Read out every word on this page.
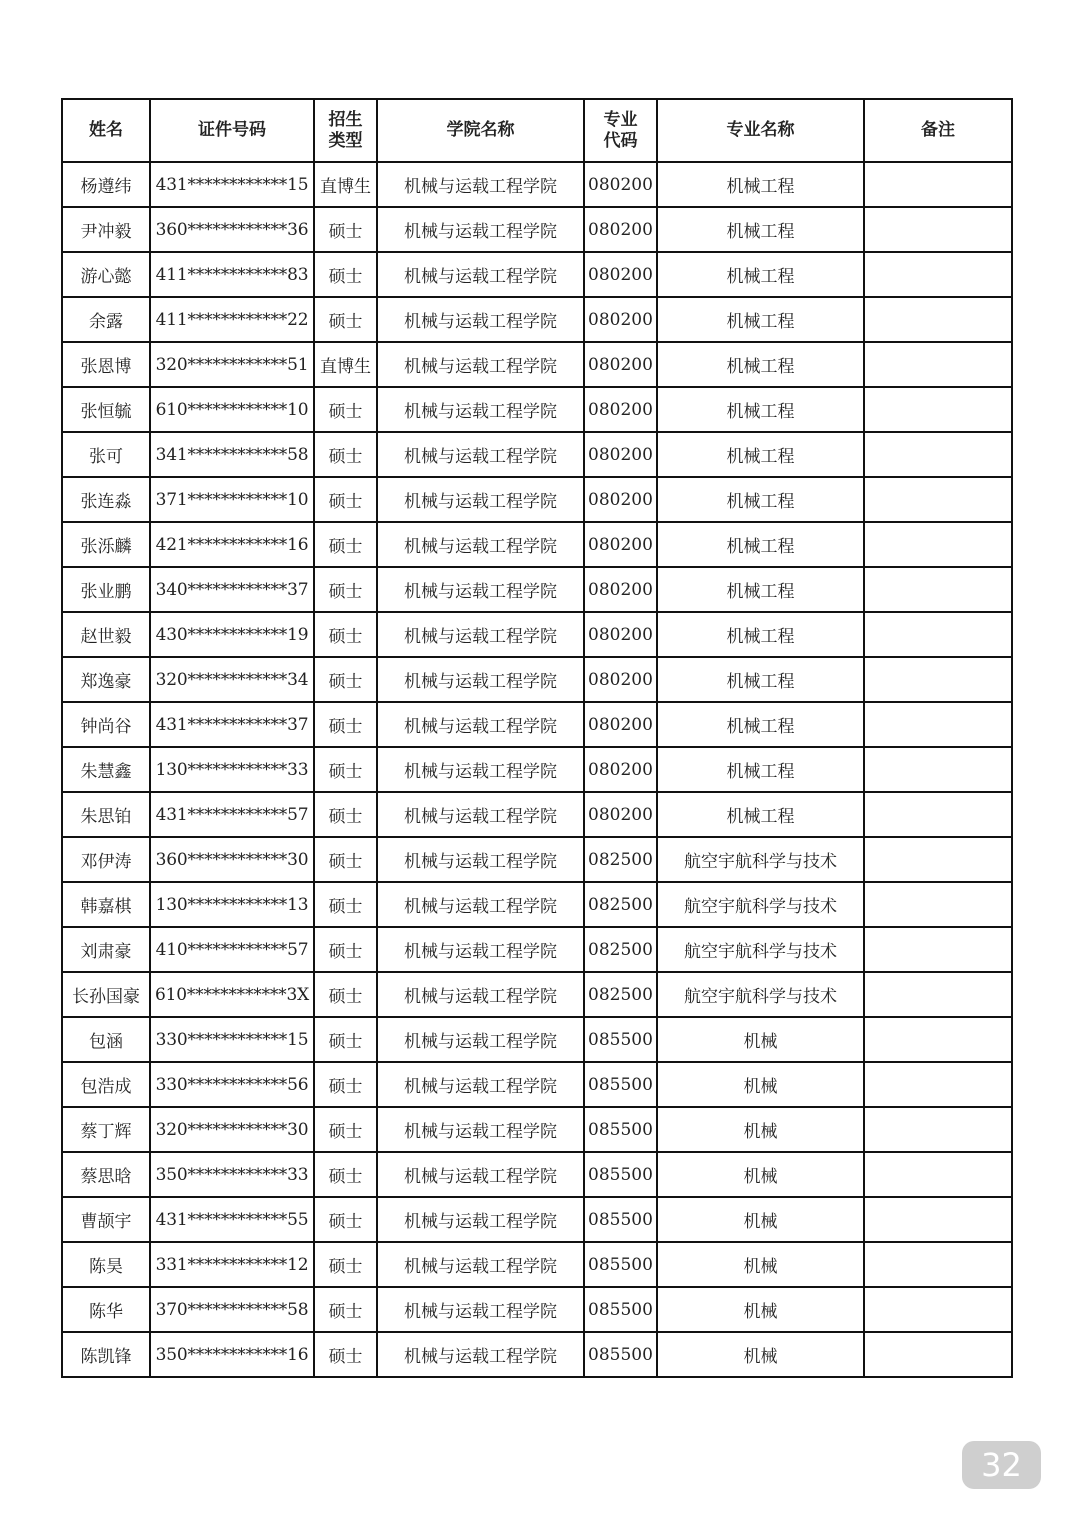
姓名	证件号码	招生类型	学院名称	专业代码	专业名称	备注
杨遵纬	431************15	直博生	机械与运载工程学院	080200	机械工程	
尹冲毅	360************36	硕士	机械与运载工程学院	080200	机械工程	
游心懿	411************83	硕士	机械与运载工程学院	080200	机械工程	
余露	411************22	硕士	机械与运载工程学院	080200	机械工程	
张恩博	320************51	直博生	机械与运载工程学院	080200	机械工程	
张恒毓	610************10	硕士	机械与运载工程学院	080200	机械工程	
张可	341************58	硕士	机械与运载工程学院	080200	机械工程	
张连淼	371************10	硕士	机械与运载工程学院	080200	机械工程	
张泺麟	421************16	硕士	机械与运载工程学院	080200	机械工程	
张业鹏	340************37	硕士	机械与运载工程学院	080200	机械工程	
赵世毅	430************19	硕士	机械与运载工程学院	080200	机械工程	
郑逸豪	320************34	硕士	机械与运载工程学院	080200	机械工程	
钟尚谷	431************37	硕士	机械与运载工程学院	080200	机械工程	
朱慧鑫	130************33	硕士	机械与运载工程学院	080200	机械工程	
朱思铂	431************57	硕士	机械与运载工程学院	080200	机械工程	
邓伊涛	360************30	硕士	机械与运载工程学院	082500	航空宇航科学与技术	
韩嘉棋	130************13	硕士	机械与运载工程学院	082500	航空宇航科学与技术	
刘肃豪	410************57	硕士	机械与运载工程学院	082500	航空宇航科学与技术	
长孙国豪	610************3X	硕士	机械与运载工程学院	082500	航空宇航科学与技术	
包涵	330************15	硕士	机械与运载工程学院	085500	机械	
包浩成	330************56	硕士	机械与运载工程学院	085500	机械	
蔡丁辉	320************30	硕士	机械与运载工程学院	085500	机械	
蔡思晗	350************33	硕士	机械与运载工程学院	085500	机械	
曹颉宇	431************55	硕士	机械与运载工程学院	085500	机械	
陈昊	331************12	硕士	机械与运载工程学院	085500	机械	
陈华	370************58	硕士	机械与运载工程学院	085500	机械	
陈凯锋	350************16	硕士	机械与运载工程学院	085500	机械	
32
